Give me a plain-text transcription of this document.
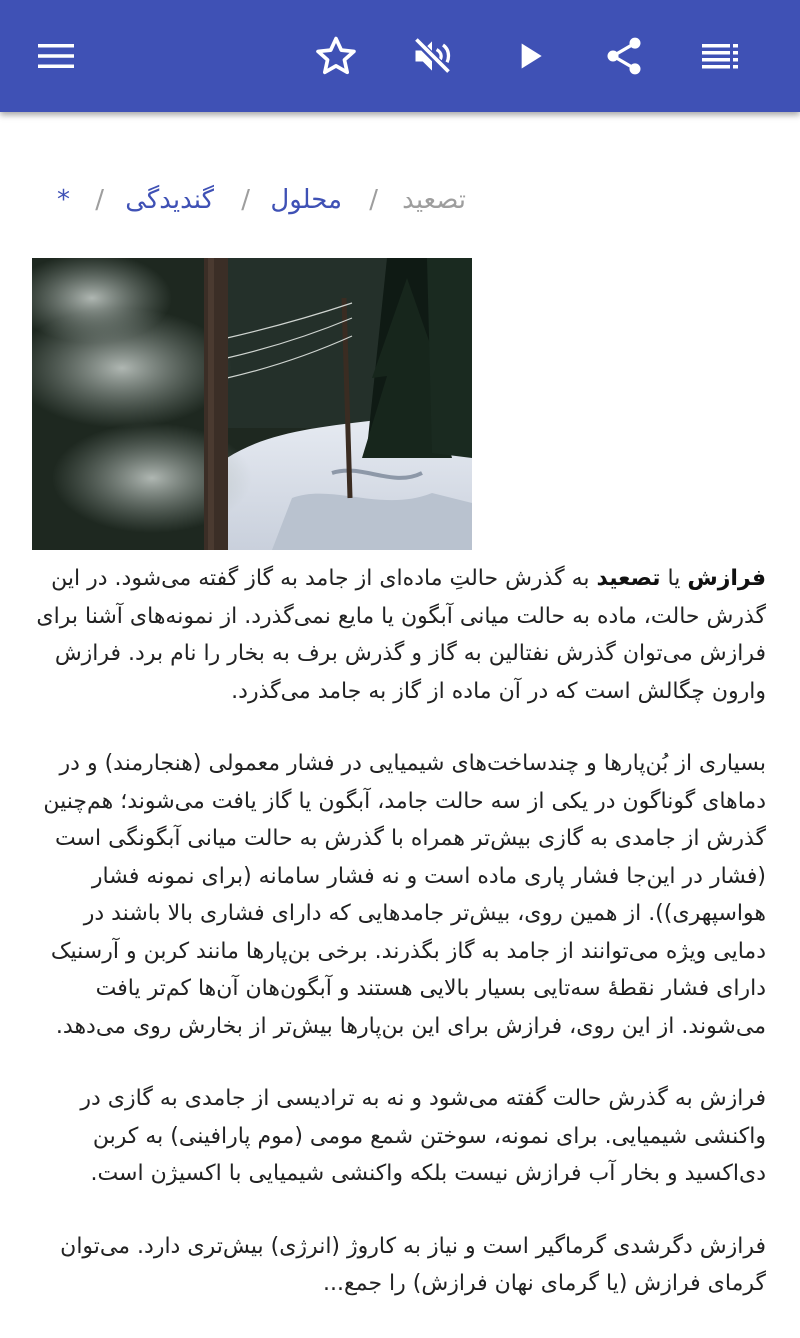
تصعید
/
محلول
/
گندیدگی
/
*

فرازش یا تصعید به گذرش حالتِ ماده‌ای از جامد به گاز گفته می‌شود. در این گذرش حالت، ماده به حالت میانی آبگون یا مایع نمی‌گذرد. از نمونه‌های آشنا برای فرازش می‌توان گذرش نفتالین به گاز و گذرش برف به بخار را نام برد. فرازش وارون چگالش است که در آن ماده از گاز به جامد می‌گذرد.

بسیاری از بُن‌پارها و چندساخت‌های شیمیایی در فشار معمولی (هنجارمند) و در دماهای گوناگون در یکی از سه حالت جامد، آبگون یا گاز یافت می‌شوند؛ هم‌چنین گذرش از جامدی به گازی بیش‌تر همراه با گذرش به حالت میانی آبگونگی است (فشار در این‌جا فشار پاری ماده است و نه فشار سامانه (برای نمونه فشار هواسپهری)). از همین روی، بیش‌تر جامدهایی که دارای فشاری بالا باشند در دمایی ویژه می‌توانند از جامد به گاز بگذرند. برخی بن‌پارها مانند کربن و آرسنیک دارای فشار نقطهٔ سه‌تایی بسیار بالایی هستند و آبگون‌هان آن‌ها کم‌تر یافت می‌شوند. از این روی، فرازش برای این بن‌پارها بیش‌تر از بخارش روی می‌دهد.

فرازش به گذرش حالت گفته می‌شود و نه به ترادیسی از جامدی به گازی در واکنشی شیمیایی. برای نمونه، سوختن شمع مومی (موم پارافینی) به کربن دی‌اکسید و بخار آب فرازش نیست بلکه واکنشی شیمیایی با اکسیژن است.

فرازش دگرشدی گرماگیر است و نیاز به کاروژ (انرژی) بیش‌تری دارد. می‌توان گرمای فرازش (یا گرمای نهان فرازش) را جمع...
